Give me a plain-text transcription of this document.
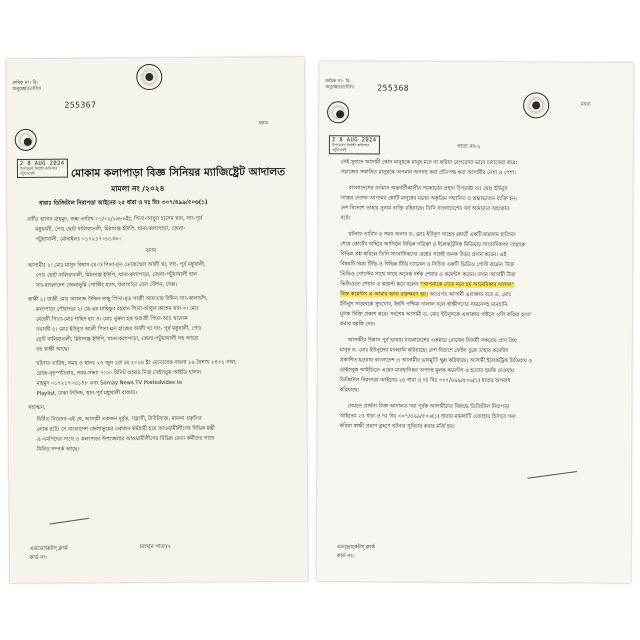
ক্রমিক নং- বি-
অনুচ্ছেদ/তারিখ
255367
মন্তব্য
2 8 AUG 2024
উপজেলা নির্বাহী অফিসার
পটুয়াখালী	মোকাম কলাপাড়া বিজ্ঞ সিনিয়র ম্যাজিষ্ট্রেট আদালত
মামলা নং /২০২৪
ধারাঃ ডিজিটাল নিরাপত্তা আইনের ২৫ ধারা ও দঃ বিঃ ৩০৭/৪৯৯/৫০৬(১)

বাদীঃ হাসান মাহমুদ, জন্ম তারিখ-০১/০২/১৯৮৮ইং, পিতা-আবুল হাসেম খান, সাং-পূর্ব

মধুখালী, পোঃ ছোট বালিয়াতলী, মিঠাগঞ্জ ইউপি, থানা-কলাপাড়া, জেলা-

পটুয়াখালী, মোবাইলঃ ০১৭২১৭০৬১৪৮।

বনাম

আসামীঃ ১। মোঃ মাসুদ বিশ্বাস (৪০) পিতা-মৃত তোজম্মেল আলী খা, সাং- পূর্ব মধুখালী,

পোঃ ছোট বালিয়াতলী, মিঠাগঞ্জ ইউপি, থানা-কলাপাড়া, জেলা-পটুয়াখালী হাল

সাং-বাংলাদেশ জেলাভূমি পোস্টিং ম্যাস, কলাপাড়া রেল স্টেশন, ঢাকা।

স্বাক্ষী ১। গাজী মোঃ আফাজ উদ্দিন বাচ্চু পিতা-মৃত গাজী আফতাব উদ্দিন সাং-কালাচাঁদ,

কলাপাড়া পৌরসভা ২। কে.এম মাহিফুর রহমান পিতা-আবুল কাশেম খান ৩। মোঃ

মেহেদী পিতা-মোঃ শাহিদ হাং ৪। মোঃ নুরুল হক ফরাজী পিতা-আঃ খালেক

ফরাজী ৫। মোঃ ইউনুস আলী পিতা-মৃত হাজের আলী খা সাং- পূর্ব মধুখালী, পোঃ

ছোট বালিয়াতলী, মিঠাগঞ্জ ইউপি, থানা-কলাপাড়া, জেলা-পটুয়াখালী সহ আরো

বহু স্বাক্ষী আছে।

ঘটনার তারিখ, সময় ও স্থানঃ ২৫ জুন ২রা মে ২০২৪ ইং মোতাবেক বাংলা ১৯ বৈশাখ ১৪৩১ সাল,

রোজ-বৃহস্পতিবার, সময়-সন্ধ্যা ৭:৩০ মিনিট আমার নিজ ফেইসবুক আইডি হাসান

মাহমুদ ০১৭২১৭০৬১৪৮ এবং Somay News TV Postedvideo to

Playlist, ঢাকা নিউজ, স্থান-পূর্ব মধুখালী বাজার।

মহাত্মন,

বিনীত নিবেদন এই যে, আসামী একজন দুর্বৃত্ত, সন্ত্রাসী, টাউটবাজ, মামলা প্রকৃতির

লোক বটে। সে বাংলাদেশ জেলাভূমের একজন কর্মচারী হয়ে আওয়ামীলীগের বিভিন্ন মন্ত্রী

ও এমপিদের সাথে ও কলাপাড়া উপজেলার আওয়ামীলীগের বিভিন্ন নেতা কর্মীদের সাথে

নিবিড় সম্পর্ক আছে।

এডভোকেটস্ ক্লার্ক
কার্ড নং-
চলমান পাতা/২
ক্রমিক নং- বি-
অনুচ্ছেদ/তারিখ	255368
মন্তব্য
2 8 AUG 2024
উপজেলা নির্বাহী অফিসার
পটুয়াখালী	পাতা নং-২

সেই সুবাদে আসামী কোন মানুষকে মানুষ মনে না করিয়া বেপরোয়া ভাবে চলাফেরা করে।

সমাজের সম্মানিত মানুষকে অপমান অপদস্থ করা প্রতিপক্ষ করা আসামীর নেশা ও পেশা।

বাংলাদেশের বর্তমান অন্তর্বর্তীকালীন সরকারের প্রধান উপদেষ্টা ডঃ মোঃ ইউনুস

সাহেব দেশের আপামর কোটি মানুষের মনের অকৃত্রিম সম্মানিত ও শ্রদ্ধাভাজন ব্যক্তি হন।

দেশ বিদেশে তাহার সুনাম ব্যক্তি রহিয়াছে। তিনি বাংলাদেশের সর্ব আমাদের অহংকার

বটে।

ঘটনার তারিখ ও সময় জনাব ড. মোঃ ইউনুস সাহেব কোর্টে একটি মামলায় হাজিরা

শেষে কোর্টের বাহিরে আসিলে বিভিন্ন পত্রিকা ও ইলেকট্রনিক মিডিয়ার সাংবাদিকগণ তাহাকে

বিভিন্ন প্রশ্ন করিলে তিনি সাংবাদিকদের প্রশ্নের সঙ্গেই জনক উত্তর প্রদান করেন। এই

বিষয়টি সময় টিভি ও বিভিন্ন টিভি চ্যানেল ও নিউজ একটি ভিডিও পোস্ট করেন। উক্ত

ভিডিও পোস্টের সাথে সাথে অনেক দর্শক শেয়ার ও কমেন্টস করেন। তখন আসামী উক্ত

ভিডিওতে শেয়ার ও কমেন্ট করে বলেন "আপনাকে দেখে মনে হয় আমেরিকার দালাল"

উক্ত কমেন্টস এ আমার হৃদয় রক্তক্ষরণ হয়। অতঃপর আসামী এলাকায় বসে ড. মোঃ

ইউনুস সাহেবকে সুদখোর, ইহুদি পশ্চিমা দালাল বলে স্বাক্ষীগণের সামনেসহ মানহানি

মূলক উক্তি প্রকাশ করে। সর্বশেষ আসামী ড. মোঃ ইউনুসকে এলাকায় পাইলে ওলি করিয়া হত্যা

করার হুমকি দেয়।

আসামীর উল্লাস পূর্ব ভাষায় বাংলাদেশের একমাত্র নোবেল বিজয়ী সকলের প্রাণ প্রিয়

মানুষ ড. মোঃ ইউনুসের মানহানি করিয়াছে। দেশ বিদেশে ফেইস বুকে তাহার কমেন্টস

প্রকাশিত হওয়ায় বাংলাদেশ ও আসামীর ভাবমূর্তি ক্ষুন্ন করিয়াছে। আসামী ইলেকট্রিক মিডিয়ায় ও

ফেইসবুক আইডিতে এহেন মানহানিকর অপদস্থ মূলক কমেন্টস ও হত্যার হুমকি দেওয়ায়

ডিজিটাল নিরাপত্তা আইনের ২৫ ধারা ও দঃ বিঃ ৩০৭/৪৯৯/৫০৬(১) ধারার অপরাধ

করিয়াছে।

সেমতে প্রার্থনা বিজ্ঞ আদালত দয়া পূর্বক আসামীদের বিরুদ্ধে ডিজিটাল নিরাপত্তা

আইনের ২৫ ধারা ও দঃ বিঃ ৩০৭/৪৯৯/৫০৬(১) ধারায় মামলাটি এজাহার হিসাবে গন্য

করিয়া স্বাক্ষী প্রমাণ গ্রহণে ঘটনার সুবিচার করার মর্জি হয়।

এডভোকেটস্ ক্লার্ক
কার্ড নং-
